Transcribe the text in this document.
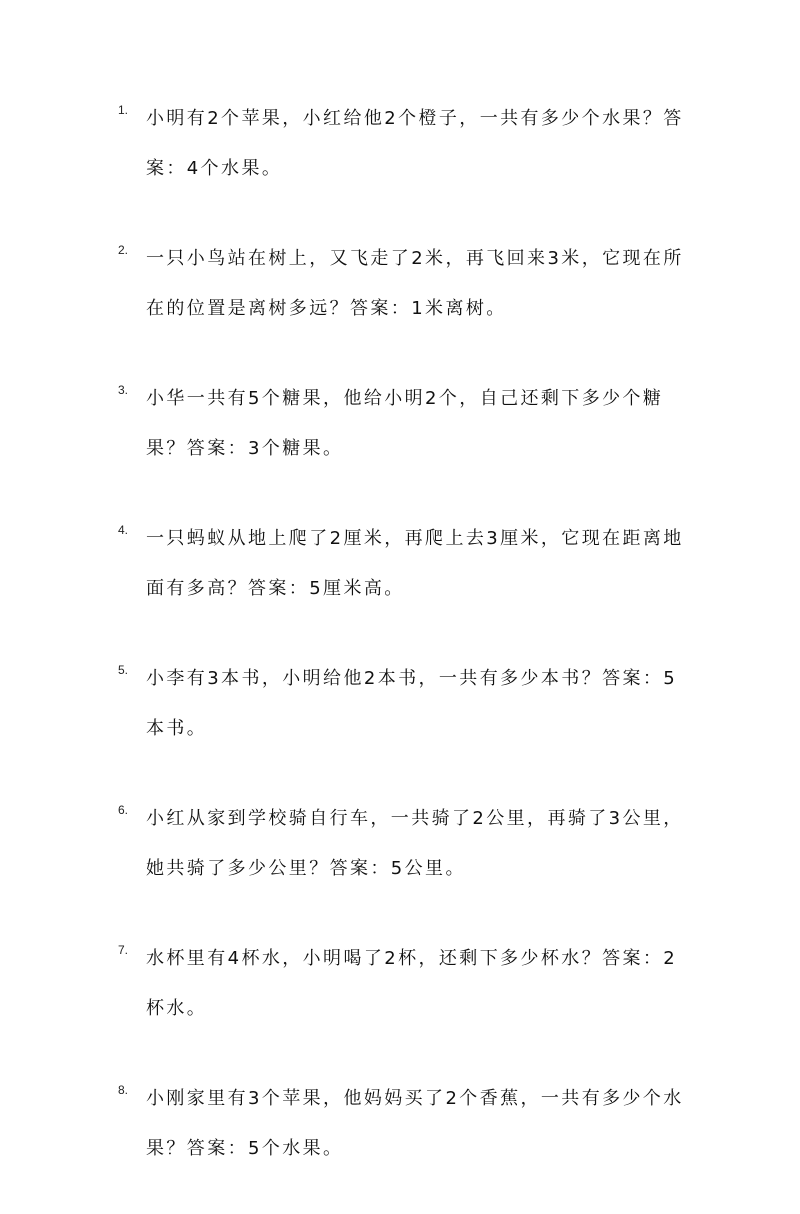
1. 小明有2个苹果，小红给他2个橙子，一共有多少个水果？答案：4个水果。
2. 一只小鸟站在树上，又飞走了2米，再飞回来3米，它现在所在的位置是离树多远？答案：1米离树。
3. 小华一共有5个糖果，他给小明2个，自己还剩下多少个糖果？答案：3个糖果。
4. 一只蚂蚁从地上爬了2厘米，再爬上去3厘米，它现在距离地面有多高？答案：5厘米高。
5. 小李有3本书，小明给他2本书，一共有多少本书？答案：5本书。
6. 小红从家到学校骑自行车，一共骑了2公里，再骑了3公里，她共骑了多少公里？答案：5公里。
7. 水杯里有4杯水，小明喝了2杯，还剩下多少杯水？答案：2杯水。
8. 小刚家里有3个苹果，他妈妈买了2个香蕉，一共有多少个水果？答案：5个水果。
